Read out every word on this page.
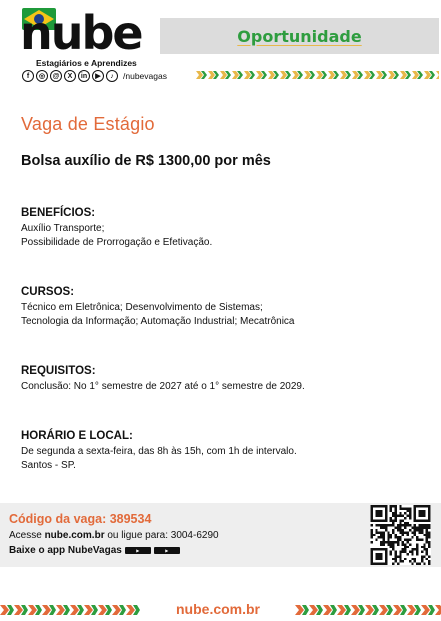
nube
Estagiários e Aprendizes
f	◎	@	X	in	▶	♪	/nubevagas
Oportunidade
Vaga de Estágio
Bolsa auxílio de R$ 1300,00 por mês
BENEFÍCIOS:
Auxílio Transporte;
Possibilidade de Prorrogação e Efetivação.
CURSOS:
Técnico em Eletrônica; Desenvolvimento de Sistemas;
Tecnologia da Informação; Automação Industrial; Mecatrônica
REQUISITOS:
Conclusão: No 1° semestre de 2027 até o 1° semestre de 2029.
HORÁRIO E LOCAL:
De segunda a sexta-feira, das 8h às 15h, com 1h de intervalo.
Santos - SP.
Código da vaga: 389534
Acesse nube.com.br ou ligue para: 3004-6290
Baixe o app NubeVagas	▶	▶
nube.com.br
